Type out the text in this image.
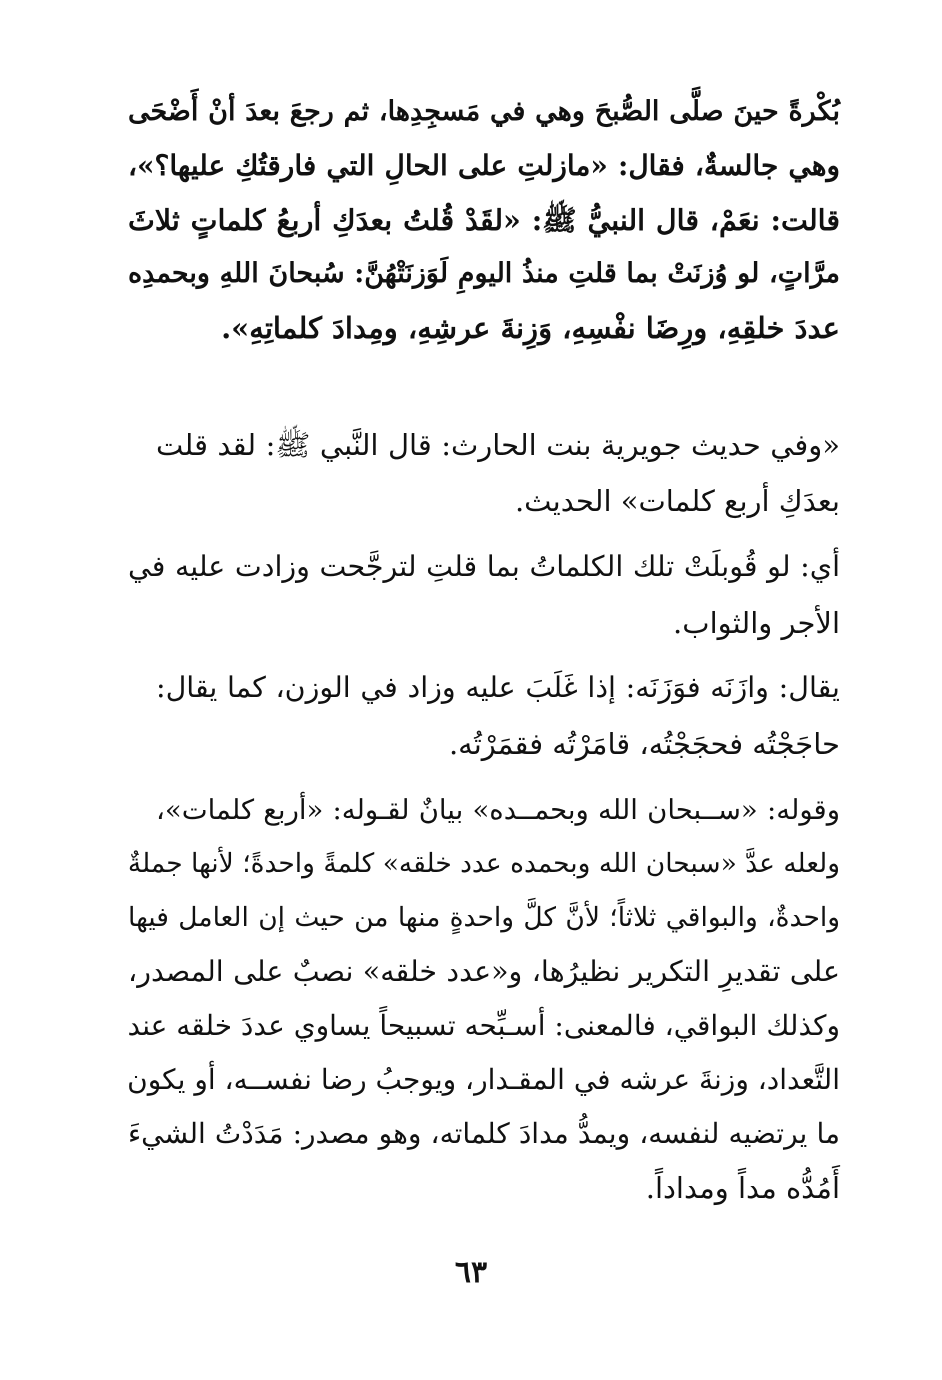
بُكْرةً حينَ صلَّى الصُّبحَ وهي في مَسجِدِها، ثم رجعَ بعدَ أنْ أَضْحَى
وهي جالسةٌ، فقال: «مازلتِ على الحالِ التي فارقتُكِ عليها؟»،
قالت: نعَمْ، قال النبيُّ ﷺ: «لقَدْ قُلتُ بعدَكِ أربعُ كلماتٍ ثلاثَ
مرَّاتٍ، لو وُزنَتْ بما قلتِ منذُ اليومِ لَوَزنَتْهُنَّ: سُبحانَ اللهِ وبحمدِه
عددَ خلقِهِ، ورِضَا نفْسِهِ، وَزِنةَ عرشِهِ، ومِدادَ كلماتِهِ».
«وفي حديث جويرية بنت الحارث: قال النَّبي ﷺ: لقد قلت
بعدَكِ أربع كلمات» الحديث.
أي: لو قُوبلَتْ تلك الكلماتُ بما قلتِ لترجَّحت وزادت عليه في
الأجر والثواب.
يقال: وازَنَه فوَزَنَه: إذا غَلَبَ عليه وزاد في الوزن، كما يقال:
حاجَجْتُه فحجَجْتُه، قامَرْتُه فقمَرْتُه.
وقوله: «ســبحان الله وبحمــده» بيانٌ لقـوله: «أربع كلمات»،
ولعله عدَّ «سبحان الله وبحمده عدد خلقه» كلمةً واحدةً؛ لأنها جملةٌ
واحدةٌ، والبواقي ثلاثاً؛ لأنَّ كلَّ واحدةٍ منها من حيث إن العامل فيها
على تقديرِ التكرير نظيرُها، و«عدد خلقه» نصبٌ على المصدر،
وكذلك البواقي، فالمعنى: أسـبِّحه تسبيحاً يساوي عددَ خلقه عند
التَّعداد، وزنةَ عرشه في المقـدار، ويوجبُ رضا نفســه، أو يكون
ما يرتضيه لنفسه، ويمدُّ مدادَ كلماته، وهو مصدر: مَدَدْتُ الشيءَ
أَمُدُّه مداً ومداداً.
٦٣
